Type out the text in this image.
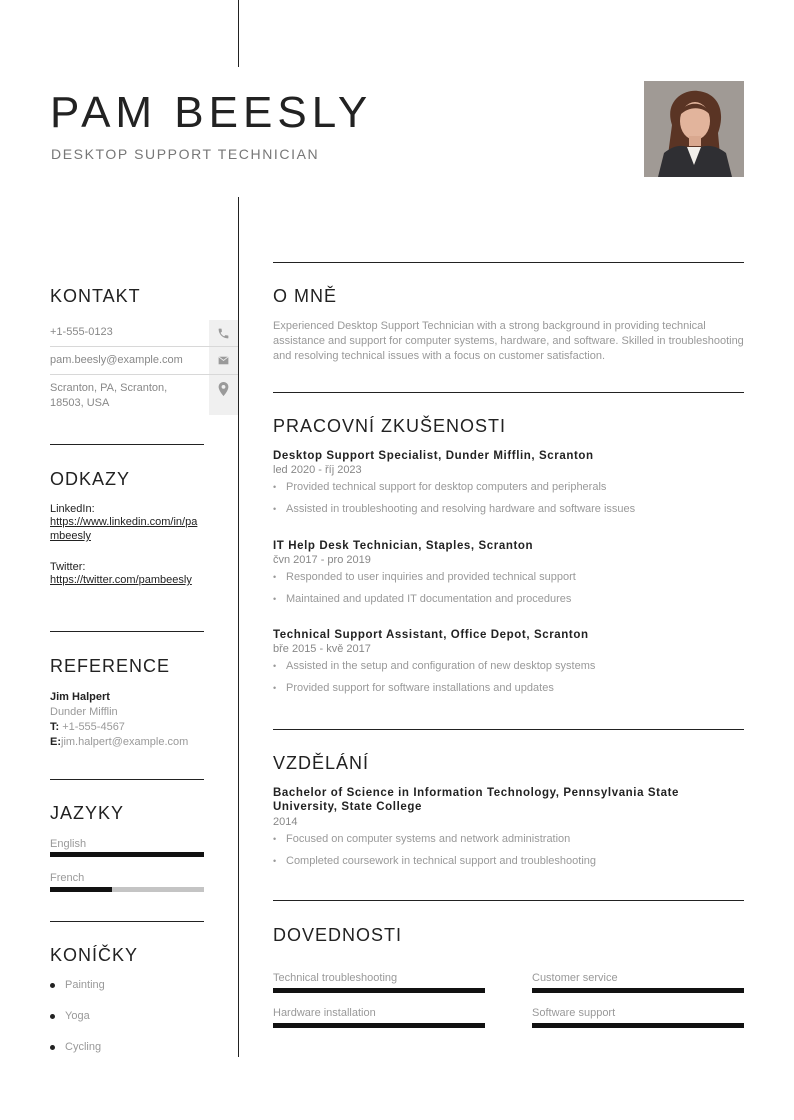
PAM BEESLY
DESKTOP SUPPORT TECHNICIAN
KONTAKT
+1-555-0123
pam.beesly@example.com
Scranton, PA, Scranton, 18503, USA
ODKAZY
LinkedIn:
https://www.linkedin.com/in/pambeesly
Twitter:
https://twitter.com/pambeesly
REFERENCE
Jim Halpert
Dunder Mifflin
T: +1-555-4567
E:jim.halpert@example.com
JAZYKY
English
French
KONÍČKY
Painting
Yoga
Cycling
O MNĚ
Experienced Desktop Support Technician with a strong background in providing technical assistance and support for computer systems, hardware, and software. Skilled in troubleshooting and resolving technical issues with a focus on customer satisfaction.
PRACOVNÍ ZKUŠENOSTI
Desktop Support Specialist, Dunder Mifflin, Scranton
led 2020 - říj 2023
• Provided technical support for desktop computers and peripherals
• Assisted in troubleshooting and resolving hardware and software issues
IT Help Desk Technician, Staples, Scranton
čvn 2017 - pro 2019
• Responded to user inquiries and provided technical support
• Maintained and updated IT documentation and procedures
Technical Support Assistant, Office Depot, Scranton
bře 2015 - kvě 2017
• Assisted in the setup and configuration of new desktop systems
• Provided support for software installations and updates
VZDĚLÁNÍ
Bachelor of Science in Information Technology, Pennsylvania State University, State College
2014
• Focused on computer systems and network administration
• Completed coursework in technical support and troubleshooting
DOVEDNOSTI
Technical troubleshooting	Customer service
Hardware installation	Software support
